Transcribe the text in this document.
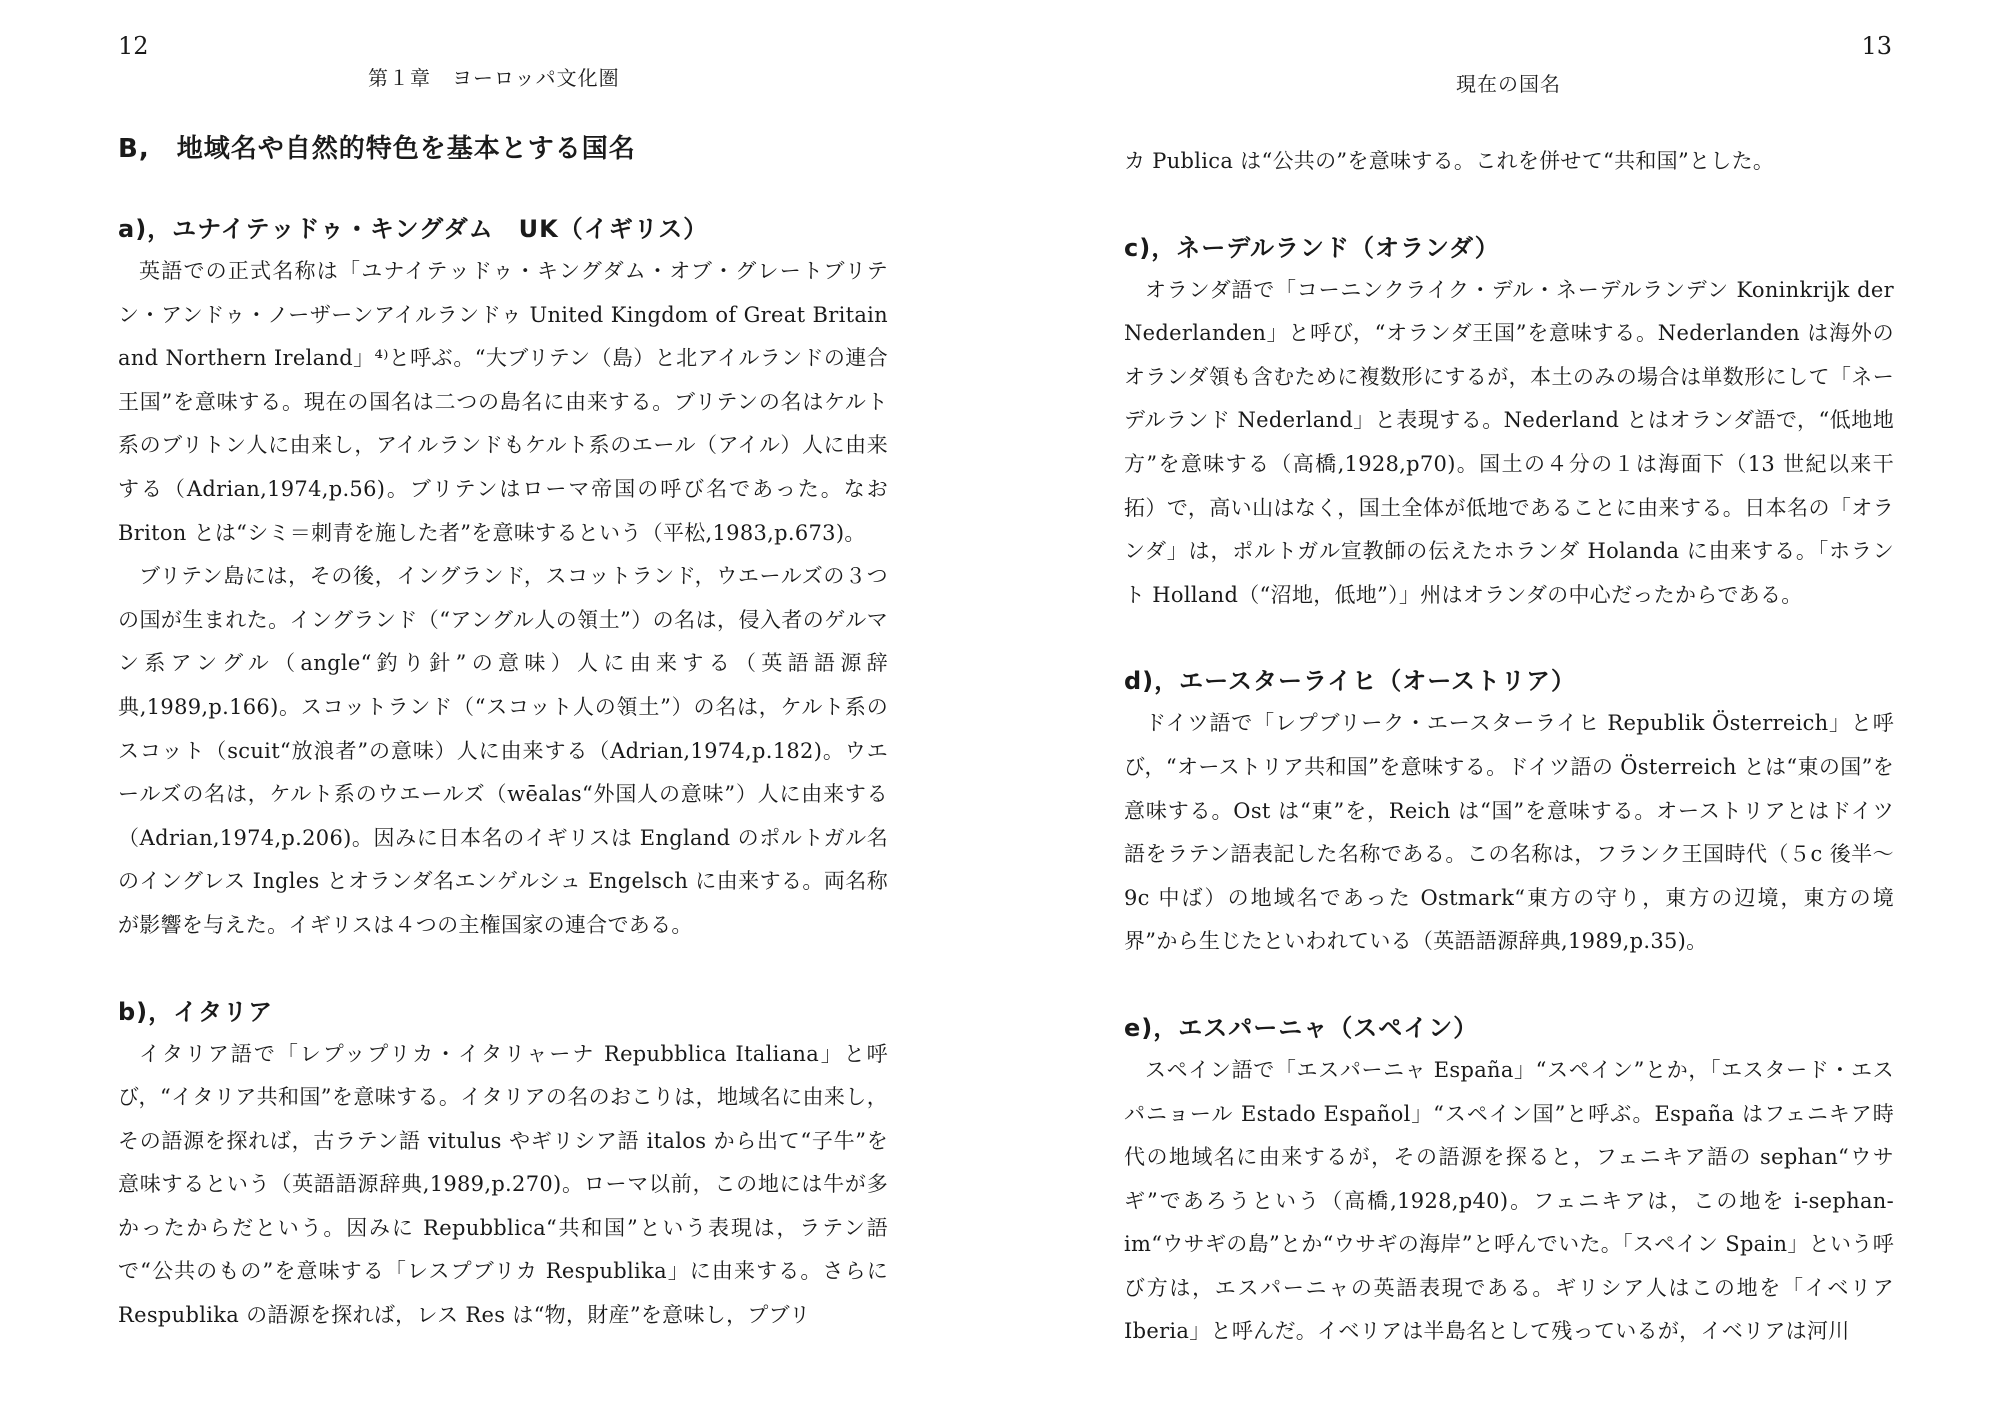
12
第１章　ヨーロッパ文化圏
B,　地域名や自然的特色を基本とする国名
a)，ユナイテッドゥ・キングダム　UK（イギリス）

英語での正式名称は「ユナイテッドゥ・キングダム・オブ・グレートブリテン・アンドゥ・ノーザーンアイルランドゥ United Kingdom of Great Britain and Northern Ireland」⁴⁾と呼ぶ。“大ブリテン（島）と北アイルランドの連合王国”を意味する。現在の国名は二つの島名に由来する。ブリテンの名はケルト系のブリトン人に由来し，アイルランドもケルト系のエール（アイル）人に由来する（Adrian,1974,p.56)。ブリテンはローマ帝国の呼び名であった。なお Briton とは“シミ＝刺青を施した者”を意味するという（平松,1983,p.673)。

ブリテン島には，その後，イングランド，スコットランド，ウエールズの３つの国が生まれた。イングランド（“アングル人の領土”）の名は，侵入者のゲルマン系アングル（angle“釣り針”の意味）人に由来する（英語語源辞典,1989,p.166)。スコットランド（“スコット人の領土”）の名は，ケルト系のスコット（scuit“放浪者”の意味）人に由来する（Adrian,1974,p.182)。ウエールズの名は，ケルト系のウエールズ（wēalas“外国人の意味”）人に由来する（Adrian,1974,p.206)。因みに日本名のイギリスは England のポルトガル名のイングレス Ingles とオランダ名エンゲルシュ Engelsch に由来する。両名称が影響を与えた。イギリスは４つの主権国家の連合である。

b)，イタリア

イタリア語で「レプップリカ・イタリャーナ Repubblica Italiana」と呼び，“イタリア共和国”を意味する。イタリアの名のおこりは，地域名に由来し，その語源を探れば，古ラテン語 vitulus やギリシア語 italos から出て“子牛”を意味するという（英語語源辞典,1989,p.270)。ローマ以前，この地には牛が多かったからだという。因みに Repubblica“共和国”という表現は，ラテン語で“公共のもの”を意味する「レスプブリカ Respublika」に由来する。さらに Respublika の語源を探れば，レス Res は“物，財産”を意味し，プブリ

13
現在の国名

カ Publica は“公共の”を意味する。これを併せて“共和国”とした。

c)，ネーデルランド（オランダ）

オランダ語で「コーニンクライク・デル・ネーデルランデン Koninkrijk der Nederlanden」と呼び，“オランダ王国”を意味する。Nederlanden は海外のオランダ領も含むために複数形にするが，本土のみの場合は単数形にして「ネーデルランド Nederland」と表現する。Nederland とはオランダ語で，“低地地方”を意味する（高橋,1928,p70)。国土の４分の１は海面下（13 世紀以来干拓）で，高い山はなく，国土全体が低地であることに由来する。日本名の「オランダ」は，ポルトガル宣教師の伝えたホランダ Holanda に由来する。「ホラント Holland（“沼地，低地”）」州はオランダの中心だったからである。

d)，エースターライヒ（オーストリア）

ドイツ語で「レプブリーク・エースターライヒ Republik Österreich」と呼び，“オーストリア共和国”を意味する。ドイツ語の Österreich とは“東の国”を意味する。Ost は“東”を，Reich は“国”を意味する。オーストリアとはドイツ語をラテン語表記した名称である。この名称は，フランク王国時代（５c 後半〜9c 中ば）の地域名であった Ostmark“東方の守り，東方の辺境，東方の境界”から生じたといわれている（英語語源辞典,1989,p.35)。

e)，エスパーニャ（スペイン）

スペイン語で「エスパーニャ España」“スペイン”とか，「エスタード・エスパニョール Estado Español」“スペイン国”と呼ぶ。España はフェニキア時代の地域名に由来するが，その語源を探ると，フェニキア語の sephan“ウサギ”であろうという（高橋,1928,p40)。フェニキアは，この地を i-sephan-im“ウサギの島”とか“ウサギの海岸”と呼んでいた。「スペイン Spain」という呼び方は，エスパーニャの英語表現である。ギリシア人はこの地を「イベリア Iberia」と呼んだ。イベリアは半島名として残っているが，イベリアは河川
